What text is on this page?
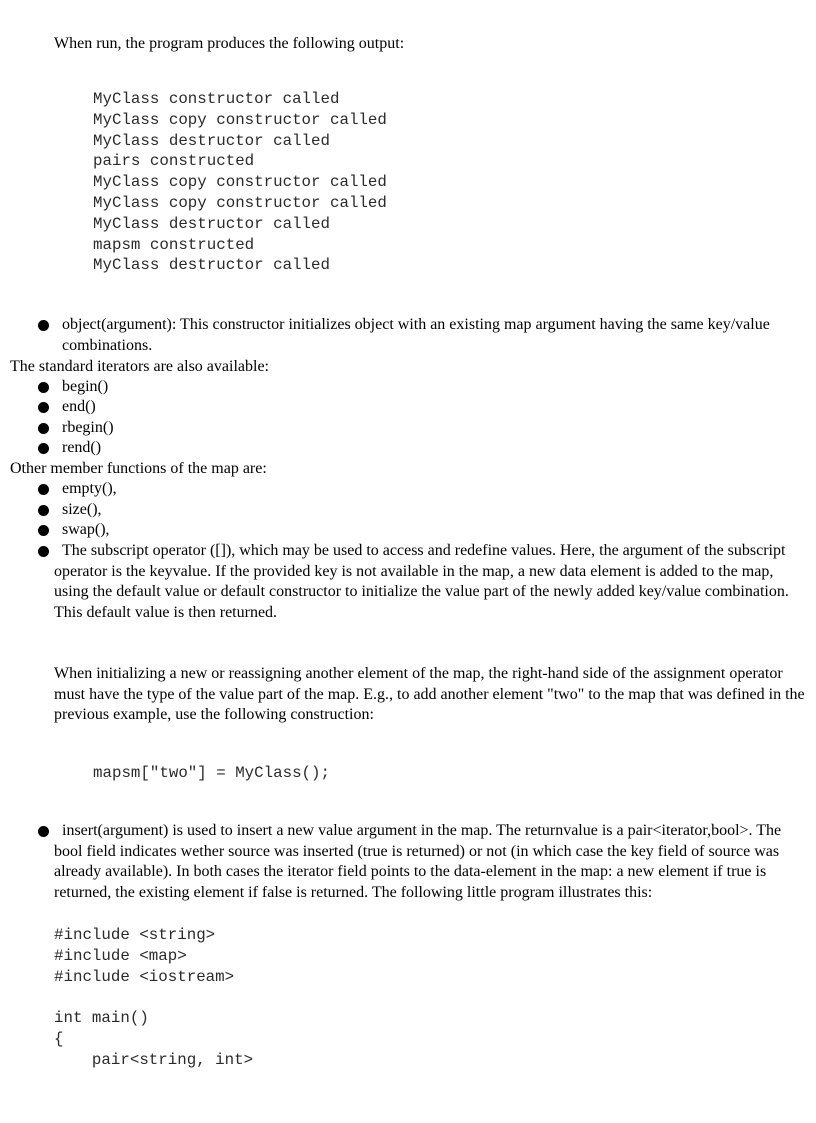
When run, the program produces the following output:

MyClass constructor called
MyClass copy constructor called
MyClass destructor called
pairs constructed
MyClass copy constructor called
MyClass copy constructor called
MyClass destructor called
mapsm constructed
MyClass destructor called

object(argument): This constructor initializes object with an existing map argument having the same key/value combinations.

The standard iterators are also available:

begin()

end()

rbegin()

rend()

Other member functions of the map are:

empty(),

size(),

swap(),

The subscript operator ([]), which may be used to access and redefine values. Here, the argument of the subscript operator is the keyvalue. If the provided key is not available in the map, a new data element is added to the map, using the default value or default constructor to initialize the value part of the newly added key/value combination. This default value is then returned.

When initializing a new or reassigning another element of the map, the right-hand side of the assignment operator must have the type of the value part of the map. E.g., to add another element "two" to the map that was defined in the previous example, use the following construction:

mapsm["two"] = MyClass();

insert(argument) is used to insert a new value argument in the map. The returnvalue is a pair<iterator,bool>. The bool field indicates wether source was inserted (true is returned) or not (in which case the key field of source was already available). In both cases the iterator field points to the data-element in the map: a new element if true is returned, the existing element if false is returned. The following little program illustrates this:

#include <string>
#include <map>
#include <iostream>
int main()
{
pair<string, int>
